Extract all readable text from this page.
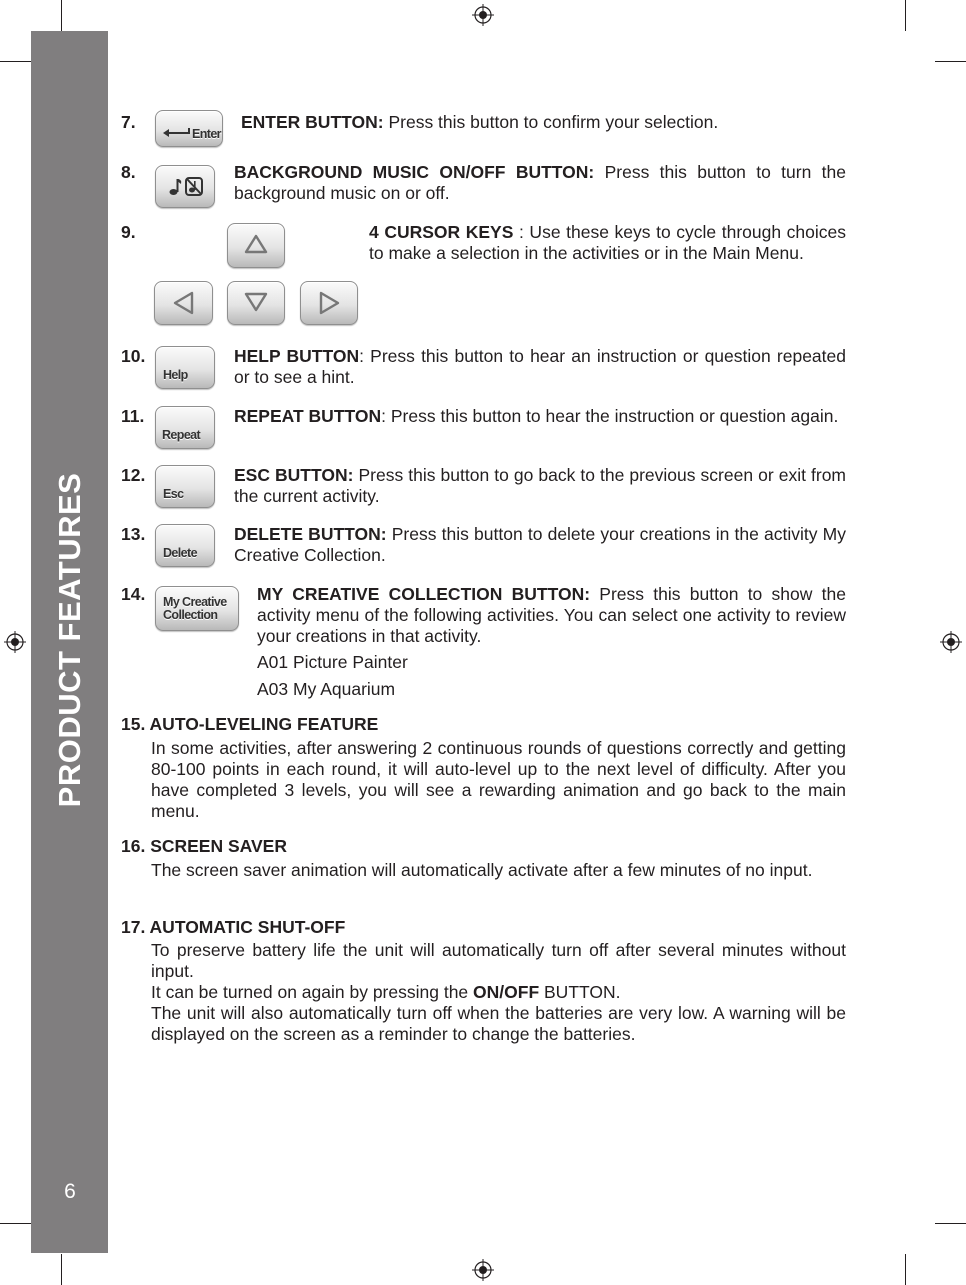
PRODUCT FEATURES
6
7.
Enter
ENTER BUTTON: Press this button to confirm your selection.
8.	BACKGROUND MUSIC ON/OFF BUTTON: Press this button to turn the background music on or off.
9.	4 CURSOR KEYS : Use these keys to cycle through choices to make a selection in the activities or in the Main Menu.
10.
Help
HELP BUTTON: Press this button to hear an instruction or question repeated or to see a hint.
11.
Repeat
REPEAT BUTTON: Press this button to hear the instruction or question again.
12.
Esc
ESC BUTTON: Press this button to go back to the previous screen or exit from the current activity.
13.
Delete
DELETE BUTTON: Press this button to delete your creations in the activity My Creative Collection.
14. My Creative
Collection
MY CREATIVE COLLECTION BUTTON: Press this button to show the activity menu of the following activities. You can select one activity to review your creations in that activity.
A01 Picture Painter
A03 My Aquarium
15. AUTO-LEVELING FEATURE
In some activities, after answering 2 continuous rounds of questions correctly and getting 80-100 points in each round, it will auto-level up to the next level of difficulty. After you have completed 3 levels, you will see a rewarding animation and go back to the main menu.
16. SCREEN SAVER
The screen saver animation will automatically activate after a few minutes of no input.
17. AUTOMATIC SHUT-OFF
To preserve battery life the unit will automatically turn off after several minutes without input.
It can be turned on again by pressing the ON/OFF BUTTON.
The unit will also automatically turn off when the batteries are very low. A warning will be displayed on the screen as a reminder to change the batteries.
